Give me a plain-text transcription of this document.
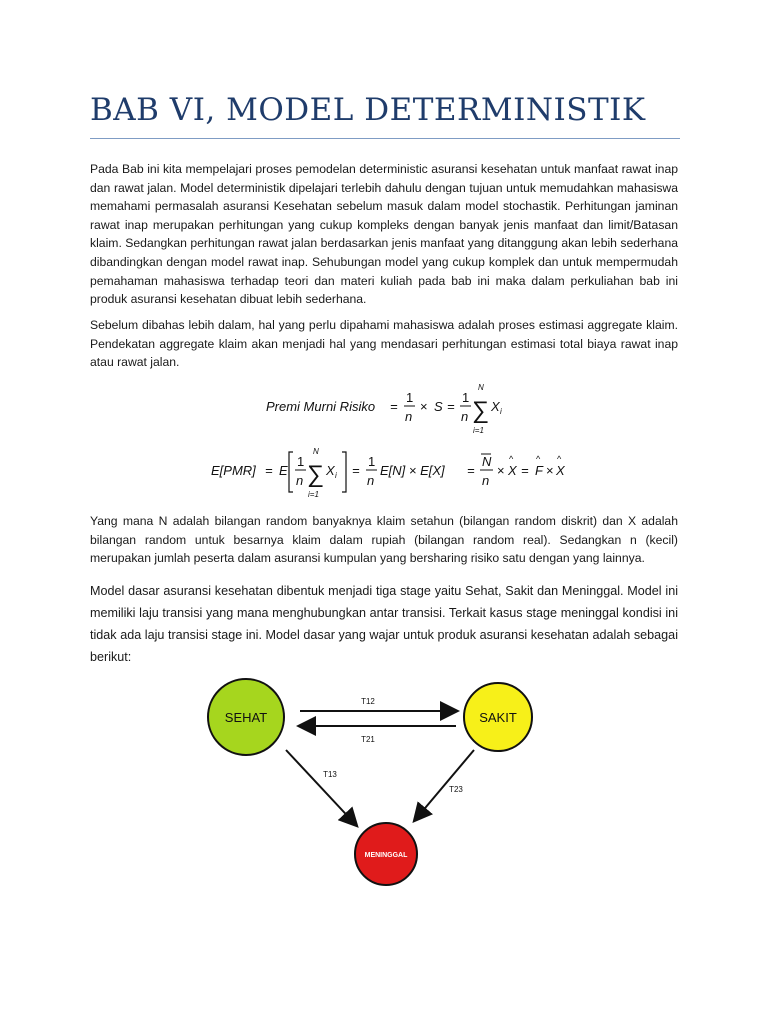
BAB VI, MODEL DETERMINISTIK

Pada Bab ini kita mempelajari proses pemodelan deterministic asuransi kesehatan untuk manfaat rawat inap dan rawat jalan. Model deterministik dipelajari terlebih dahulu dengan tujuan untuk memudahkan mahasiswa memahami permasalah asuransi Kesehatan sebelum masuk dalam model stochastik. Perhitungan jaminan rawat inap merupakan perhitungan yang cukup kompleks dengan banyak jenis manfaat dan limit/Batasan klaim. Sedangkan perhitungan rawat jalan berdasarkan jenis manfaat yang ditanggung akan lebih sederhana dibandingkan dengan model rawat inap. Sehubungan model yang cukup komplek dan untuk mempermudah pemahaman mahasiswa terhadap teori dan materi kuliah pada bab ini maka dalam perkuliahan bab ini produk asuransi kesehatan dibuat lebih sederhana.

Sebelum dibahas lebih dalam, hal yang perlu dipahami mahasiswa adalah proses estimasi aggregate klaim. Pendekatan aggregate klaim akan menjadi hal yang mendasari perhitungan estimasi total biaya rawat inap atau rawat jalan.

Premi Murni Risiko =
1
n
× S =
1
n ∑
N
i=1
X i
E[PMR] = E
1
n ∑
N
i=1
X i =
1
n
E[N] × E[X] =
N
n
×
^
X =
^
F ×
^
X

Yang mana N adalah bilangan random banyaknya klaim setahun (bilangan random diskrit) dan X adalah bilangan random untuk besarnya klaim dalam rupiah (bilangan random real). Sedangkan n (kecil) merupakan jumlah peserta dalam asuransi kumpulan yang bersharing risiko satu dengan yang lainnya.

Model dasar asuransi kesehatan dibentuk menjadi tiga stage yaitu Sehat, Sakit dan Meninggal. Model ini memiliki laju transisi yang mana menghubungkan antar transisi. Terkait kasus stage meninggal kondisi ini tidak ada laju transisi stage ini. Model dasar yang wajar untuk produk asuransi kesehatan adalah sebagai berikut:

SEHAT	SAKIT
MENINGGAL
T12
T21
T13
T23
